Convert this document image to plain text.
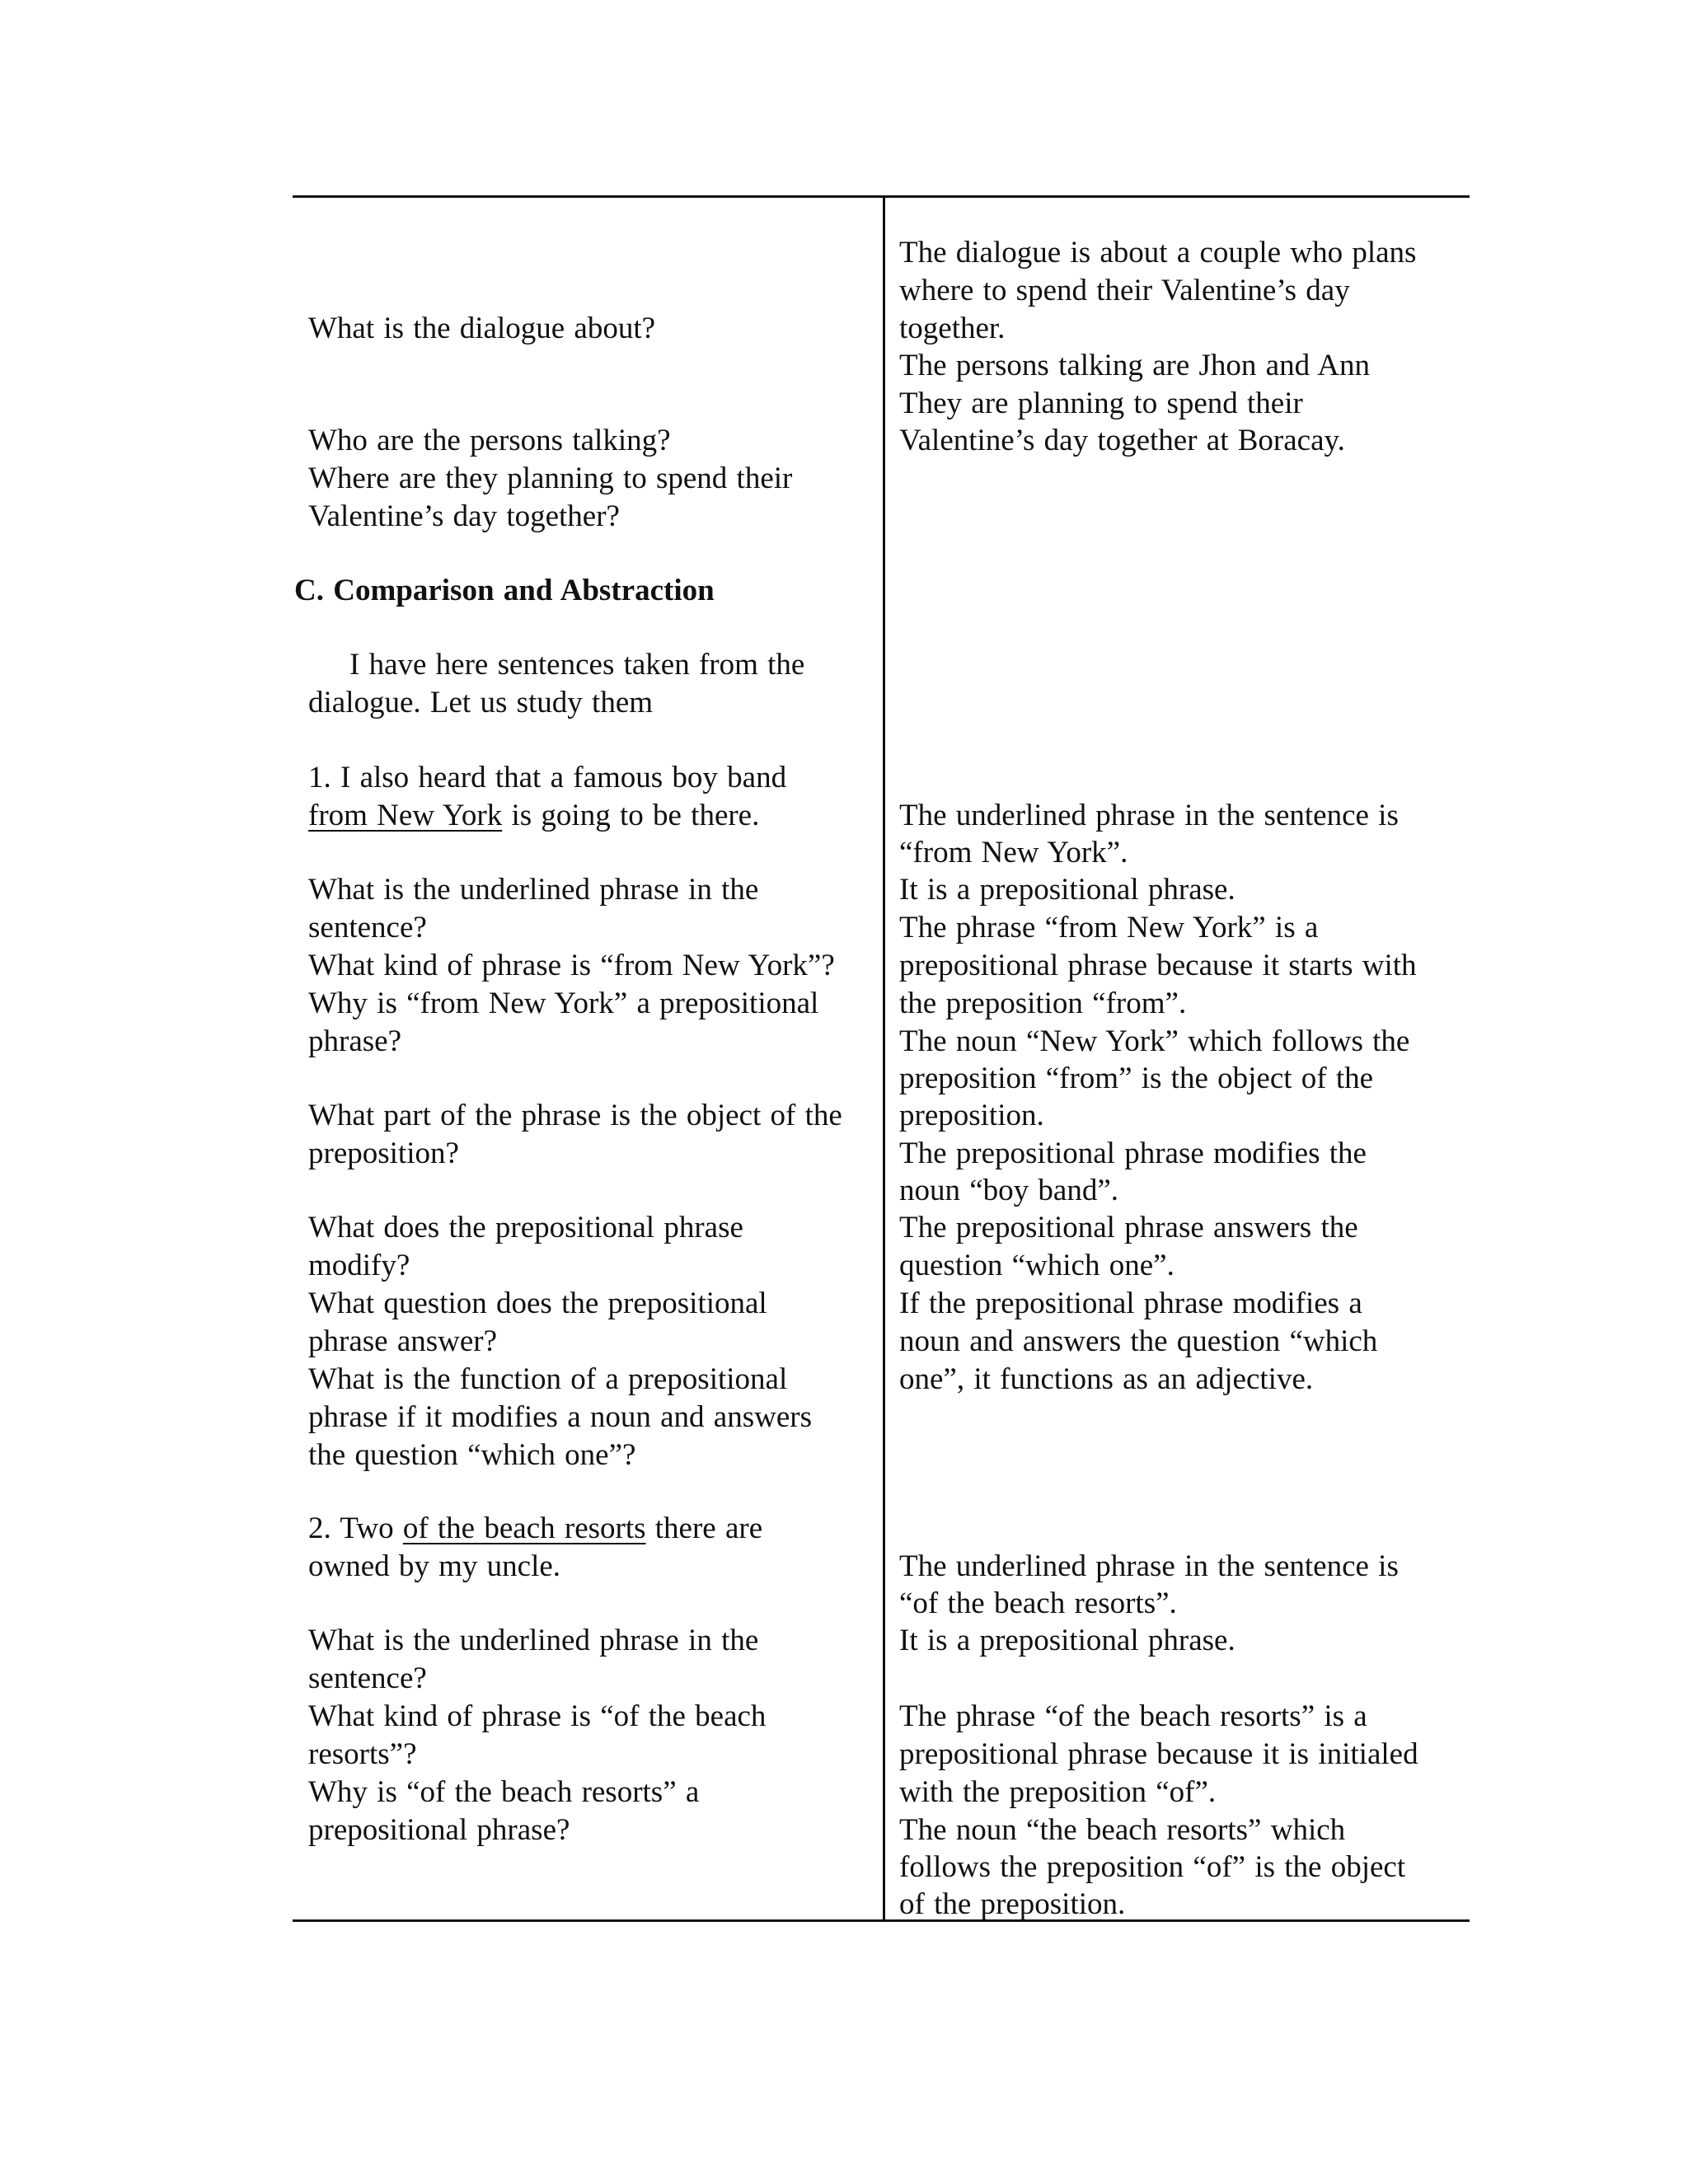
What is the dialogue about?
Who are the persons talking?
Where are they planning to spend their
Valentine’s day together?
C. Comparison and Abstraction
I have here sentences taken from the
dialogue. Let us study them
1. I also heard that a famous boy band
from New York is going to be there.
What is the underlined phrase in the
sentence?
What kind of phrase is “from New York”?
Why is “from New York” a prepositional
phrase?
What part of the phrase is the object of the
preposition?
What does the prepositional phrase
modify?
What question does the prepositional
phrase answer?
What is the function of a prepositional
phrase if it modifies a noun and answers
the question “which one”?
2. Two of the beach resorts there are
owned by my uncle.
What is the underlined phrase in the
sentence?
What kind of phrase is “of the beach
resorts”?
Why is “of the beach resorts” a
prepositional phrase?
The dialogue is about a couple who plans
where to spend their Valentine’s day
together.
The persons talking are Jhon and Ann
They are planning to spend their
Valentine’s day together at Boracay.
The underlined phrase in the sentence is
“from New York”.
It is a prepositional phrase.
The phrase “from New York” is a
prepositional phrase because it starts with
the preposition “from”.
The noun “New York” which follows the
preposition “from” is the object of the
preposition.
The prepositional phrase modifies the
noun “boy band”.
The prepositional phrase answers the
question “which one”.
If the prepositional phrase modifies a
noun and answers the question “which
one”, it functions as an adjective.
The underlined phrase in the sentence is
“of the beach resorts”.
It is a prepositional phrase.
The phrase “of the beach resorts” is a
prepositional phrase because it is initialed
with the preposition “of”.
The noun “the beach resorts” which
follows the preposition “of” is the object
of the preposition.
